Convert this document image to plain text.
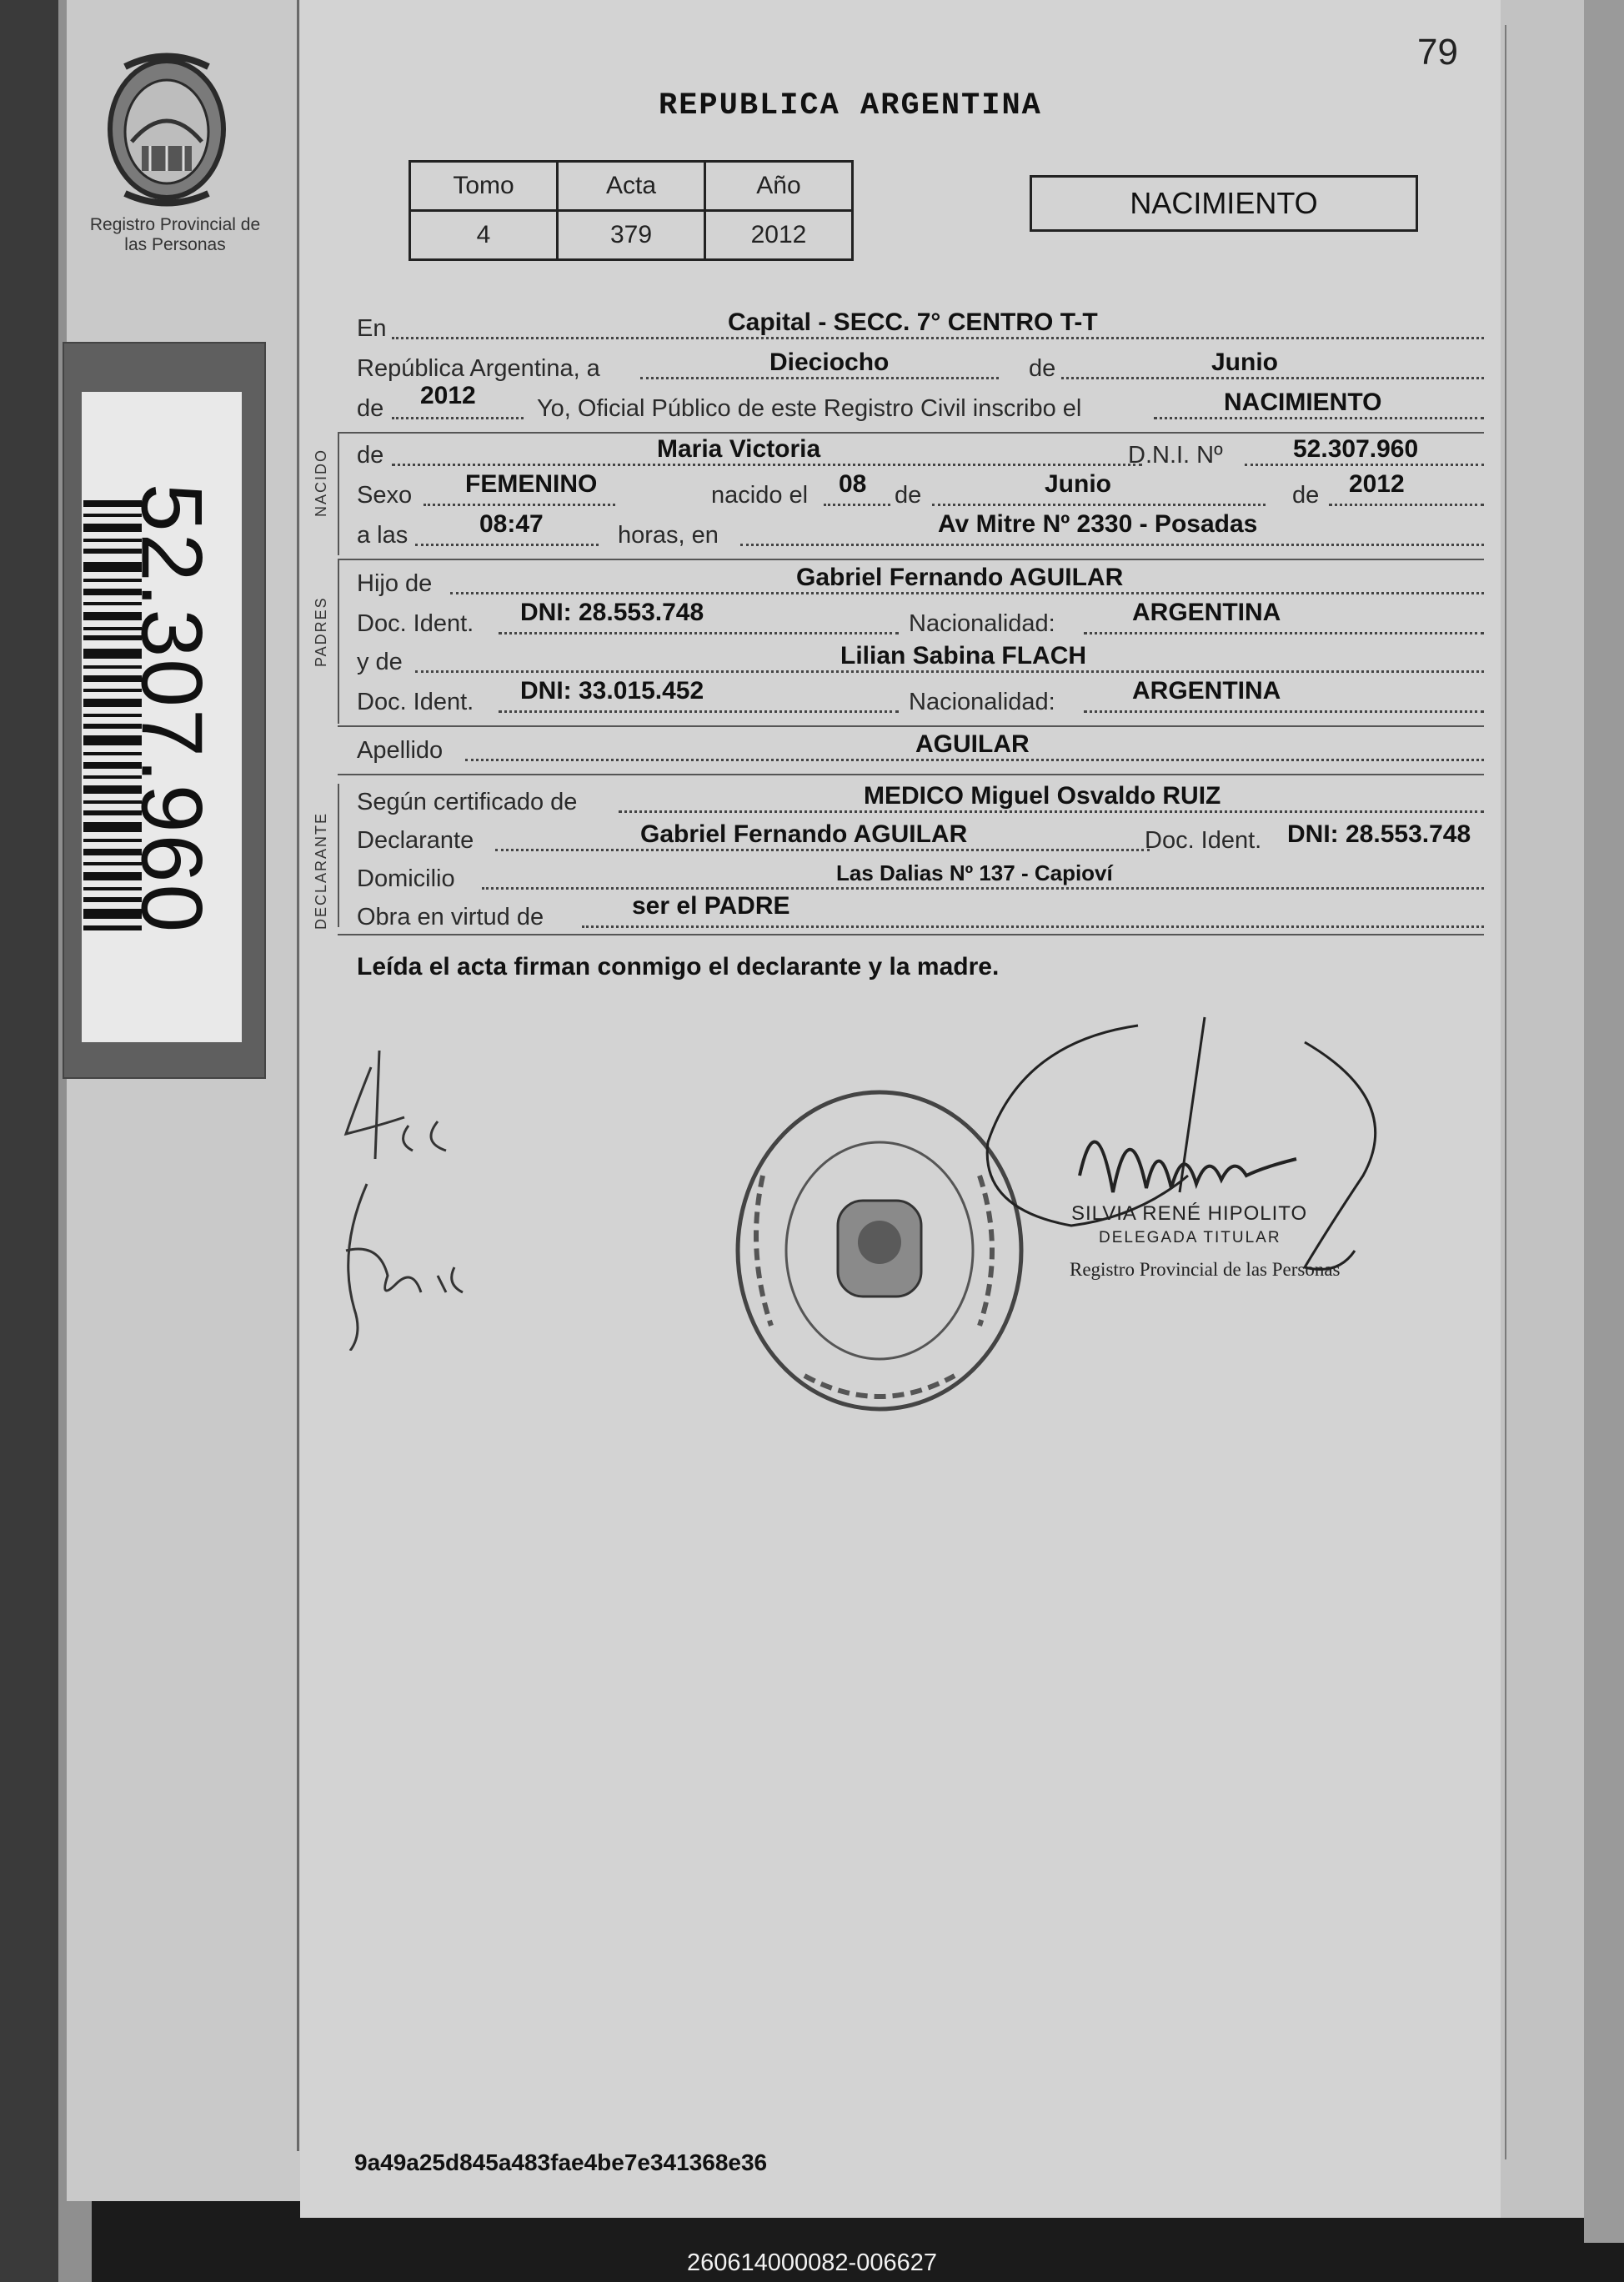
Registro Provincial de las Personas
52.307.960
79
REPUBLICA ARGENTINA
Tomo	Acta	Año
4	379	2012
NACIMIENTO
En	Capital - SECC. 7° CENTRO T-T
República Argentina, a	Dieciocho	de	Junio
de 2012	Yo, Oficial Público de este Registro Civil inscribo el	NACIMIENTO
NACIDO de	Maria Victoria	D.N.I. Nº	52.307.960
Sexo FEMENINO	nacido el 08 de	Junio	de 2012
a las	08:47	horas, en	Av Mitre Nº 2330 - Posadas
PADRES
Hijo de	Gabriel Fernando AGUILAR
Doc. Ident. DNI: 28.553.748	Nacionalidad:	ARGENTINA
y de	Lilian Sabina FLACH
Doc. Ident. DNI: 33.015.452	Nacionalidad:	ARGENTINA
Apellido	AGUILAR
DECLARANTE
Según certificado de	MEDICO Miguel Osvaldo RUIZ
Declarante	Gabriel Fernando AGUILAR	Doc. Ident. DNI: 28.553.748
Domicilio	Las Dalias Nº 137 - Capioví
Obra en virtud de	ser el PADRE
Leída el acta firman conmigo el declarante y la madre.
SILVIA RENÉ HIPOLITO
DELEGADA TITULAR
Registro Provincial de las Personas
9a49a25d845a483fae4be7e341368e36
260614000082-006627
